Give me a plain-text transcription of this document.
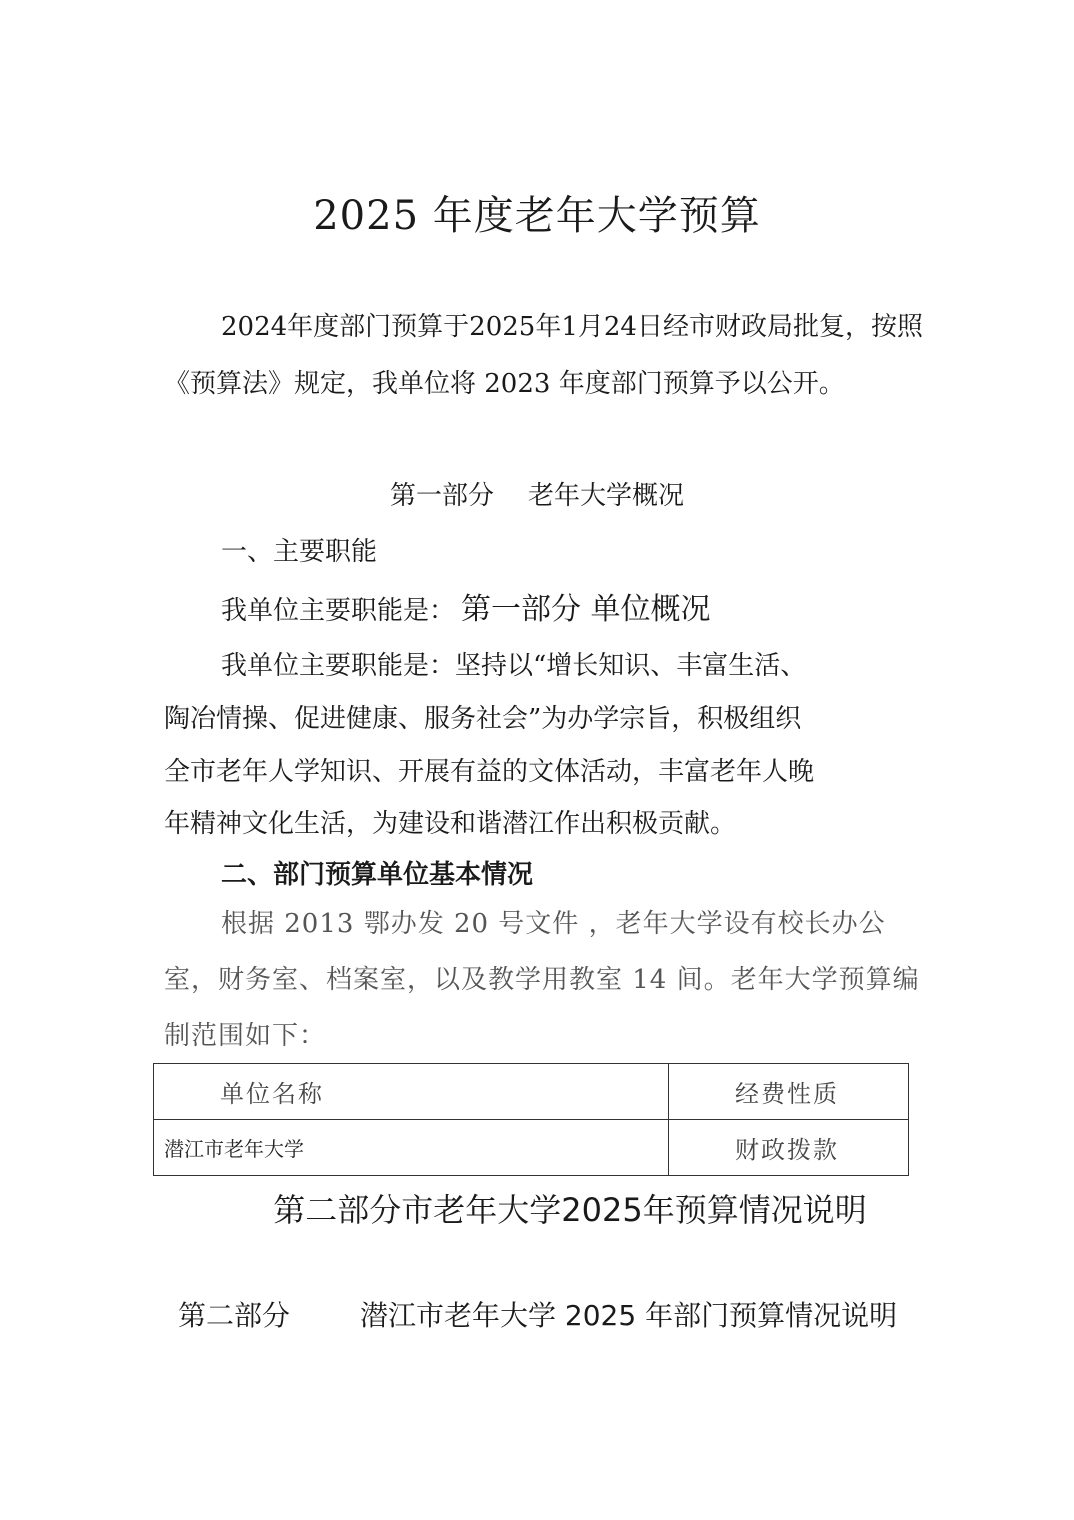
2025 年度老年大学预算
2024年度部门预算于2025年1月24日经市财政局批复，按照《预算法》规定，我单位将 2023 年度部门预算予以公开。
第一部分 老年大学概况
一、主要职能
我单位主要职能是： 第一部分 单位概况
我单位主要职能是：坚持以“增长知识、丰富生活、
陶冶情操、促进健康、服务社会”为办学宗旨，积极组织
全市老年人学知识、开展有益的文体活动，丰富老年人晚
年精神文化生活，为建设和谐潜江作出积极贡献。
二、部门预算单位基本情况
根据 2013 鄂办发 20 号文件 ，老年大学设有校长办公室，财务室、档案室，以及教学用教室 14 间。老年大学预算编制范围如下：
单位名称	经费性质
潜江市老年大学	财政拨款
第二部分市老年大学2025年预算情况说明
第二部分	潜江市老年大学 2025 年部门预算情况说明
